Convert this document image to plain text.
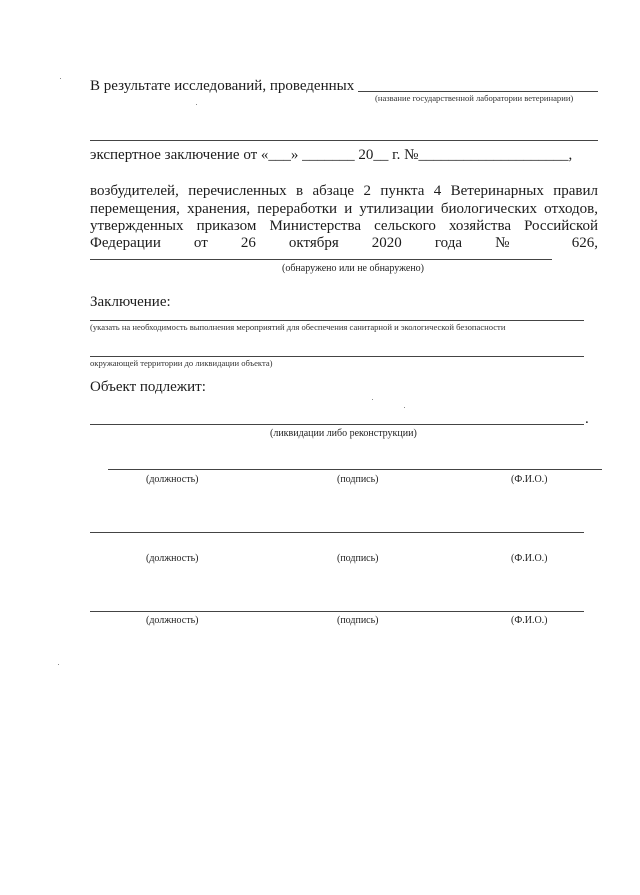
В результате исследований, проведенных
(название государственной лаборатории ветеринарии)
экспертное заключение от «___» _______ 20__ г. №____________________,
возбудителей, перечисленных в абзаце 2 пункта 4 Ветеринарных правил
перемещения, хранения, переработки и утилизации биологических отходов,
утвержденных приказом Министерства сельского хозяйства Российской
Федерации от 26 октября 2020 года № 626,
(обнаружено или не обнаружено)
Заключение:
(указать на необходимость выполнения мероприятий для обеспечения санитарной и экологической безопасности
окружающей территории до ликвидации объекта)
Объект подлежит:
.
(ликвидации либо реконструкции)
(должность)	(подпись)	(Ф.И.О.)
(должность)	(подпись)	(Ф.И.О.)
(должность)	(подпись)	(Ф.И.О.)
